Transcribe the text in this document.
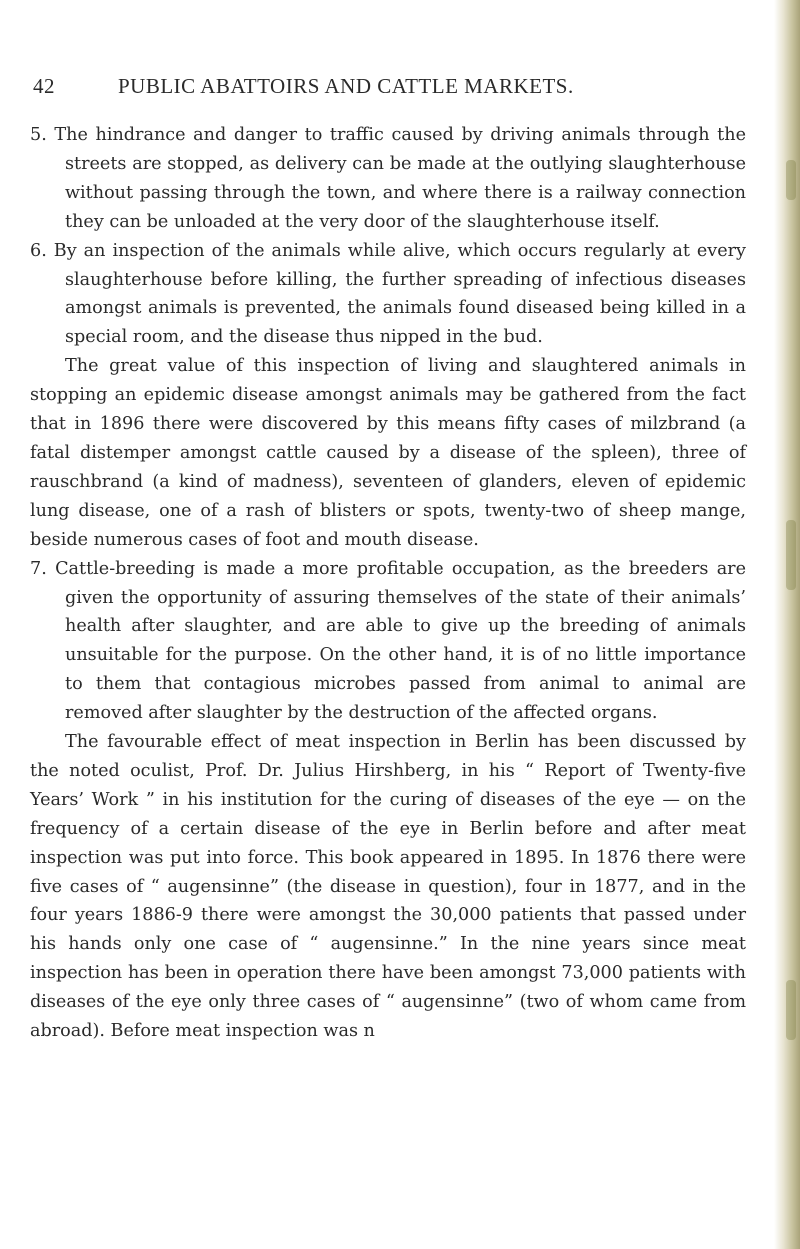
42	PUBLIC ABATTOIRS AND CATTLE MARKETS.

5. The hindrance and danger to traffic caused by driving animals through the streets are stopped, as delivery can be made at the outlying slaughterhouse without passing through the town, and where there is a railway connection they can be unloaded at the very door of the slaughterhouse itself.

6. By an inspection of the animals while alive, which occurs regularly at every slaughterhouse before killing, the further spreading of infectious diseases amongst animals is prevented, the animals found diseased being killed in a special room, and the disease thus nipped in the bud.

The great value of this inspection of living and slaughtered animals in stopping an epidemic disease amongst animals may be gathered from the fact that in 1896 there were discovered by this means fifty cases of milzbrand (a fatal distemper amongst cattle caused by a disease of the spleen), three of rauschbrand (a kind of madness), seventeen of glanders, eleven of epidemic lung disease, one of a rash of blisters or spots, twenty-two of sheep mange, beside numerous cases of foot and mouth disease.

7. Cattle-breeding is made a more profitable occupation, as the breeders are given the opportunity of assuring themselves of the state of their animals’ health after slaughter, and are able to give up the breeding of animals unsuitable for the purpose. On the other hand, it is of no little importance to them that contagious microbes passed from animal to animal are removed after slaughter by the destruction of the affected organs.

The favourable effect of meat inspection in Berlin has been discussed by the noted oculist, Prof. Dr. Julius Hirshberg, in his “ Report of Twenty-five Years’ Work ” in his institution for the curing of diseases of the eye — on the frequency of a certain disease of the eye in Berlin before and after meat inspection was put into force. This book appeared in 1895. In 1876 there were five cases of “ augensinne” (the disease in question), four in 1877, and in the four years 1886-9 there were amongst the 30,000 patients that passed under his hands only one case of “ augensinne.” In the nine years since meat inspection has been in operation there have been amongst 73,000 patients with diseases of the eye only three cases of “ augensinne” (two of whom came from abroad). Before meat inspection was n
